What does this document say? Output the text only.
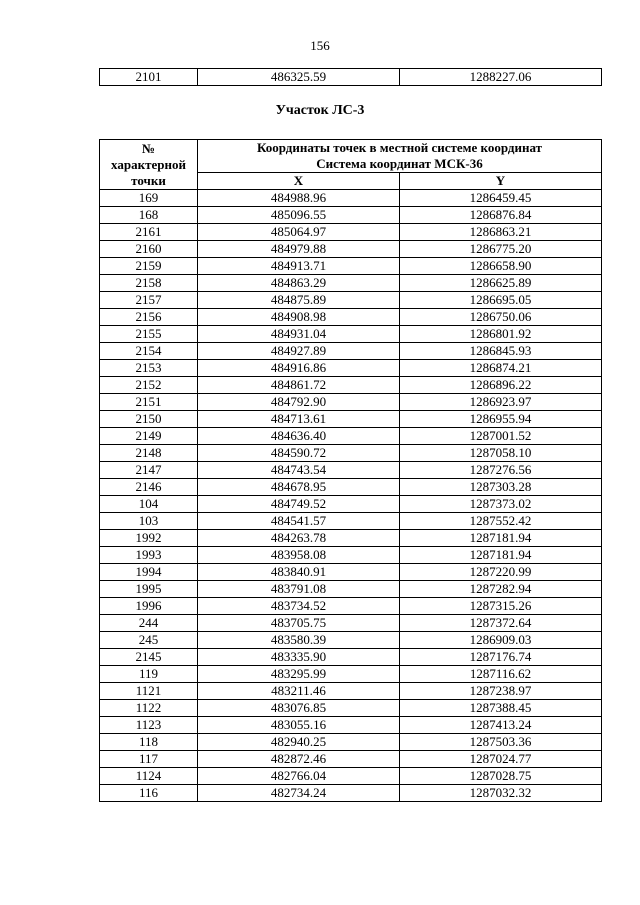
156
2101	486325.59	1288227.06
Участок ЛС-3
№
характерной
точки	Координаты точек в местной системе координат	
	Система координат МСК-36	
	X	Y
169	484988.96	1286459.45
168	485096.55	1286876.84
2161	485064.97	1286863.21
2160	484979.88	1286775.20
2159	484913.71	1286658.90
2158	484863.29	1286625.89
2157	484875.89	1286695.05
2156	484908.98	1286750.06
2155	484931.04	1286801.92
2154	484927.89	1286845.93
2153	484916.86	1286874.21
2152	484861.72	1286896.22
2151	484792.90	1286923.97
2150	484713.61	1286955.94
2149	484636.40	1287001.52
2148	484590.72	1287058.10
2147	484743.54	1287276.56
2146	484678.95	1287303.28
104	484749.52	1287373.02
103	484541.57	1287552.42
1992	484263.78	1287181.94
1993	483958.08	1287181.94
1994	483840.91	1287220.99
1995	483791.08	1287282.94
1996	483734.52	1287315.26
244	483705.75	1287372.64
245	483580.39	1286909.03
2145	483335.90	1287176.74
119	483295.99	1287116.62
1121	483211.46	1287238.97
1122	483076.85	1287388.45
1123	483055.16	1287413.24
118	482940.25	1287503.36
117	482872.46	1287024.77
1124	482766.04	1287028.75
116	482734.24	1287032.32
